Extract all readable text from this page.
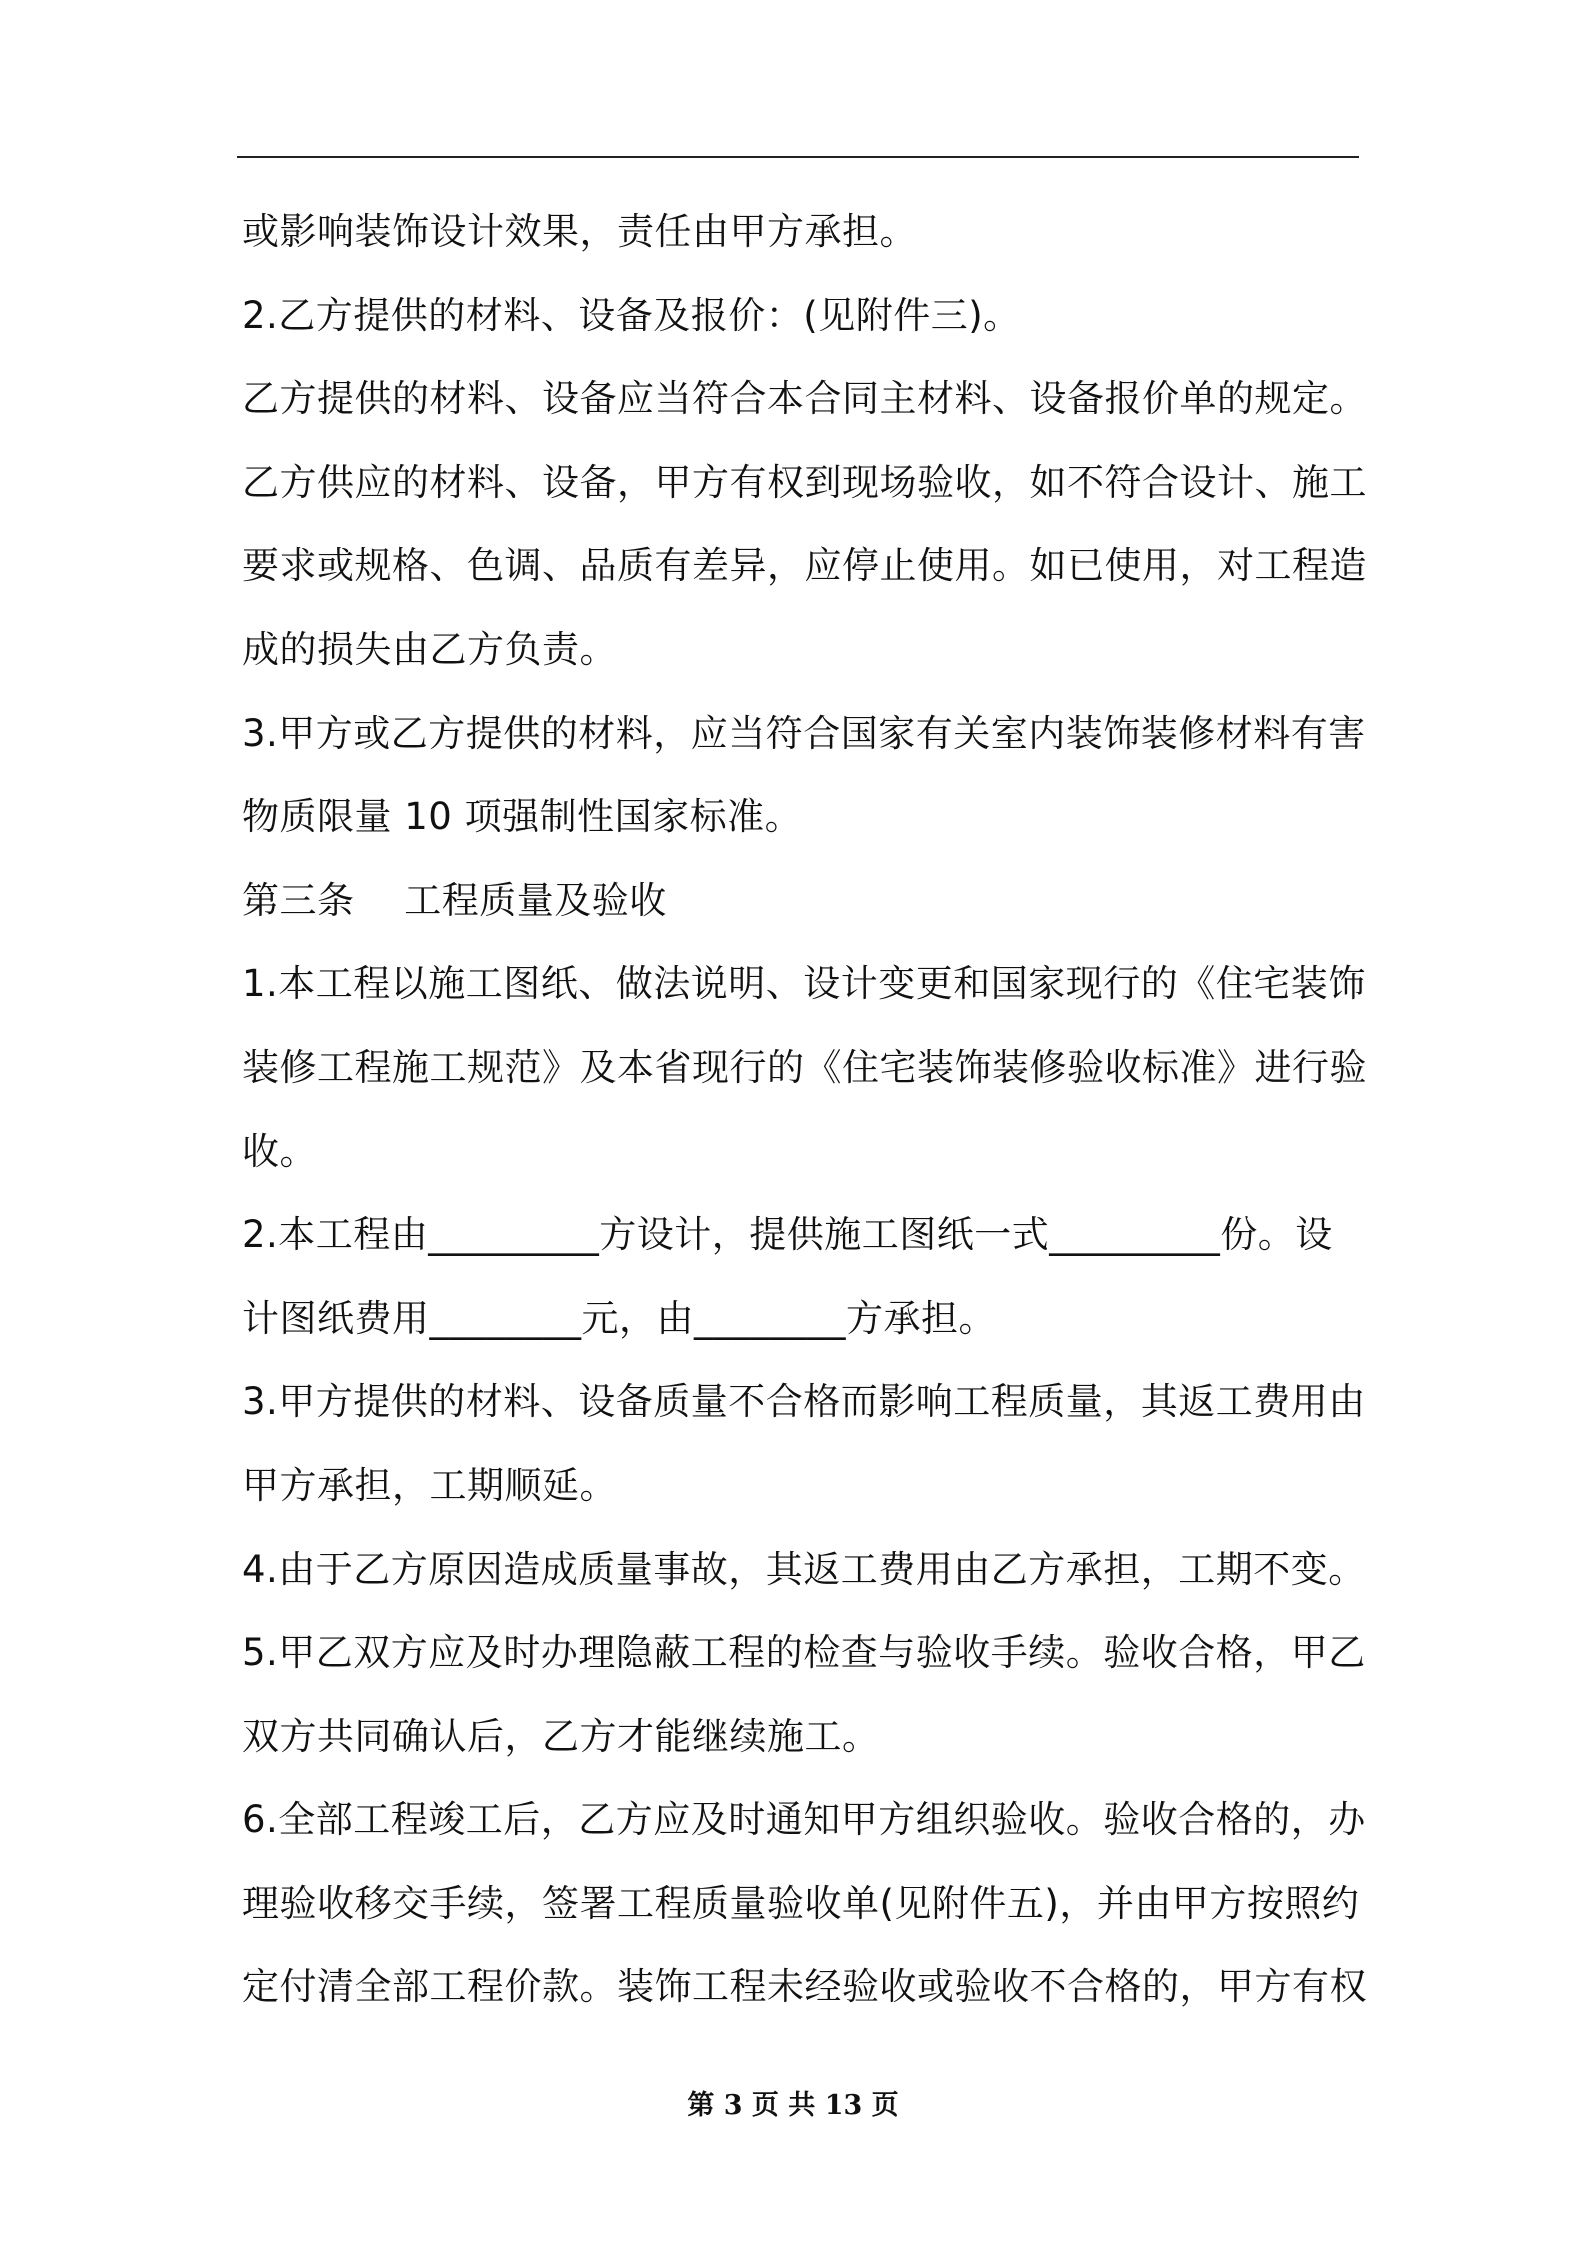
或影响装饰设计效果，责任由甲方承担。
2.乙方提供的材料、设备及报价：(见附件三)。
乙方提供的材料、设备应当符合本合同主材料、设备报价单的规定。
乙方供应的材料、设备，甲方有权到现场验收，如不符合设计、施工
要求或规格、色调、品质有差异，应停止使用。如已使用，对工程造
成的损失由乙方负责。
3.甲方或乙方提供的材料，应当符合国家有关室内装饰装修材料有害
物质限量 10 项强制性国家标准。
第三条　 工程质量及验收
1.本工程以施工图纸、做法说明、设计变更和国家现行的《住宅装饰
装修工程施工规范》及本省现行的《住宅装饰装修验收标准》进行验
收。
2.本工程由_________方设计，提供施工图纸一式_________份。设
计图纸费用________元，由________方承担。
3.甲方提供的材料、设备质量不合格而影响工程质量，其返工费用由
甲方承担，工期顺延。
4.由于乙方原因造成质量事故，其返工费用由乙方承担，工期不变。
5.甲乙双方应及时办理隐蔽工程的检查与验收手续。验收合格，甲乙
双方共同确认后，乙方才能继续施工。
6.全部工程竣工后，乙方应及时通知甲方组织验收。验收合格的，办
理验收移交手续，签署工程质量验收单(见附件五)，并由甲方按照约
定付清全部工程价款。装饰工程未经验收或验收不合格的，甲方有权
第 3 页 共 13 页
